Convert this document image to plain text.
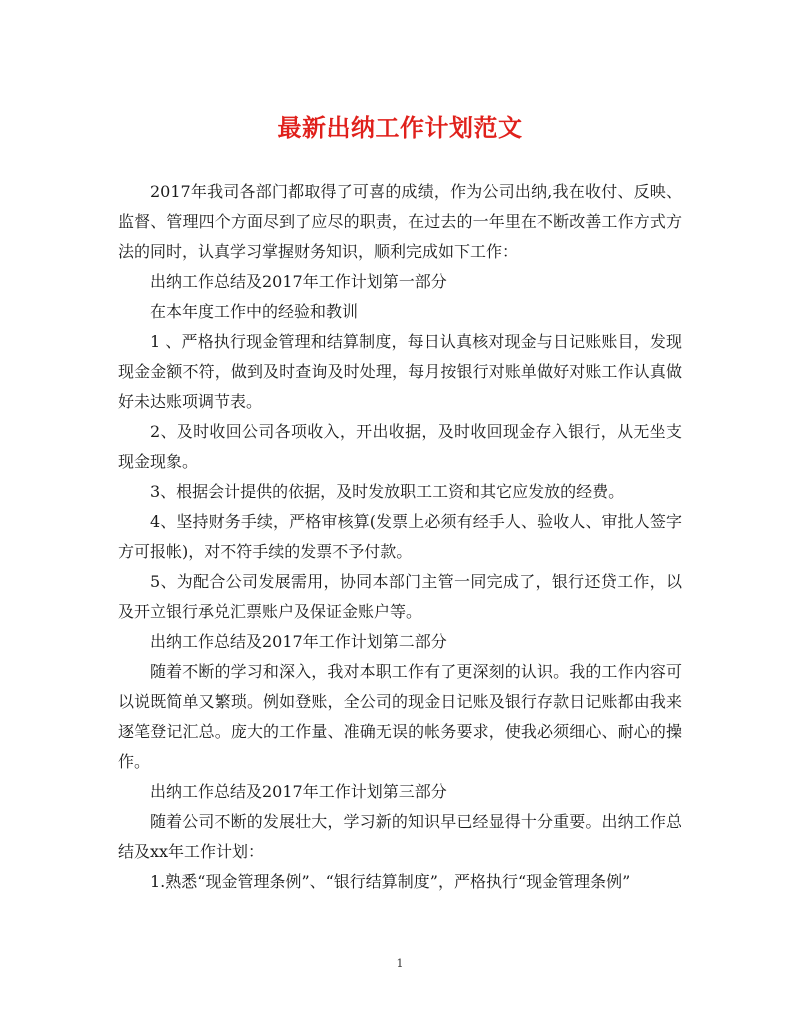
最新出纳工作计划范文

2017年我司各部门都取得了可喜的成绩，作为公司出纳,我在收付、反映、监督、管理四个方面尽到了应尽的职责，在过去的一年里在不断改善工作方式方法的同时，认真学习掌握财务知识，顺利完成如下工作：

出纳工作总结及2017年工作计划第一部分

在本年度工作中的经验和教训

1 、严格执行现金管理和结算制度，每日认真核对现金与日记账账目，发现现金金额不符，做到及时查询及时处理，每月按银行对账单做好对账工作认真做好未达账项调节表。

2、及时收回公司各项收入，开出收据，及时收回现金存入银行，从无坐支现金现象。

3、根据会计提供的依据，及时发放职工工资和其它应发放的经费。

4、坚持财务手续，严格审核算(发票上必须有经手人、验收人、审批人签字方可报帐)，对不符手续的发票不予付款。

5、为配合公司发展需用，协同本部门主管一同完成了，银行还贷工作，以及开立银行承兑汇票账户及保证金账户等。

出纳工作总结及2017年工作计划第二部分

随着不断的学习和深入，我对本职工作有了更深刻的认识。我的工作内容可以说既简单又繁琐。例如登账，全公司的现金日记账及银行存款日记账都由我来逐笔登记汇总。庞大的工作量、准确无误的帐务要求，使我必须细心、耐心的操作。

出纳工作总结及2017年工作计划第三部分

随着公司不断的发展壮大，学习新的知识早已经显得十分重要。出纳工作总结及xx年工作计划：

1.熟悉“现金管理条例”、“银行结算制度”，严格执行“现金管理条例”

1
